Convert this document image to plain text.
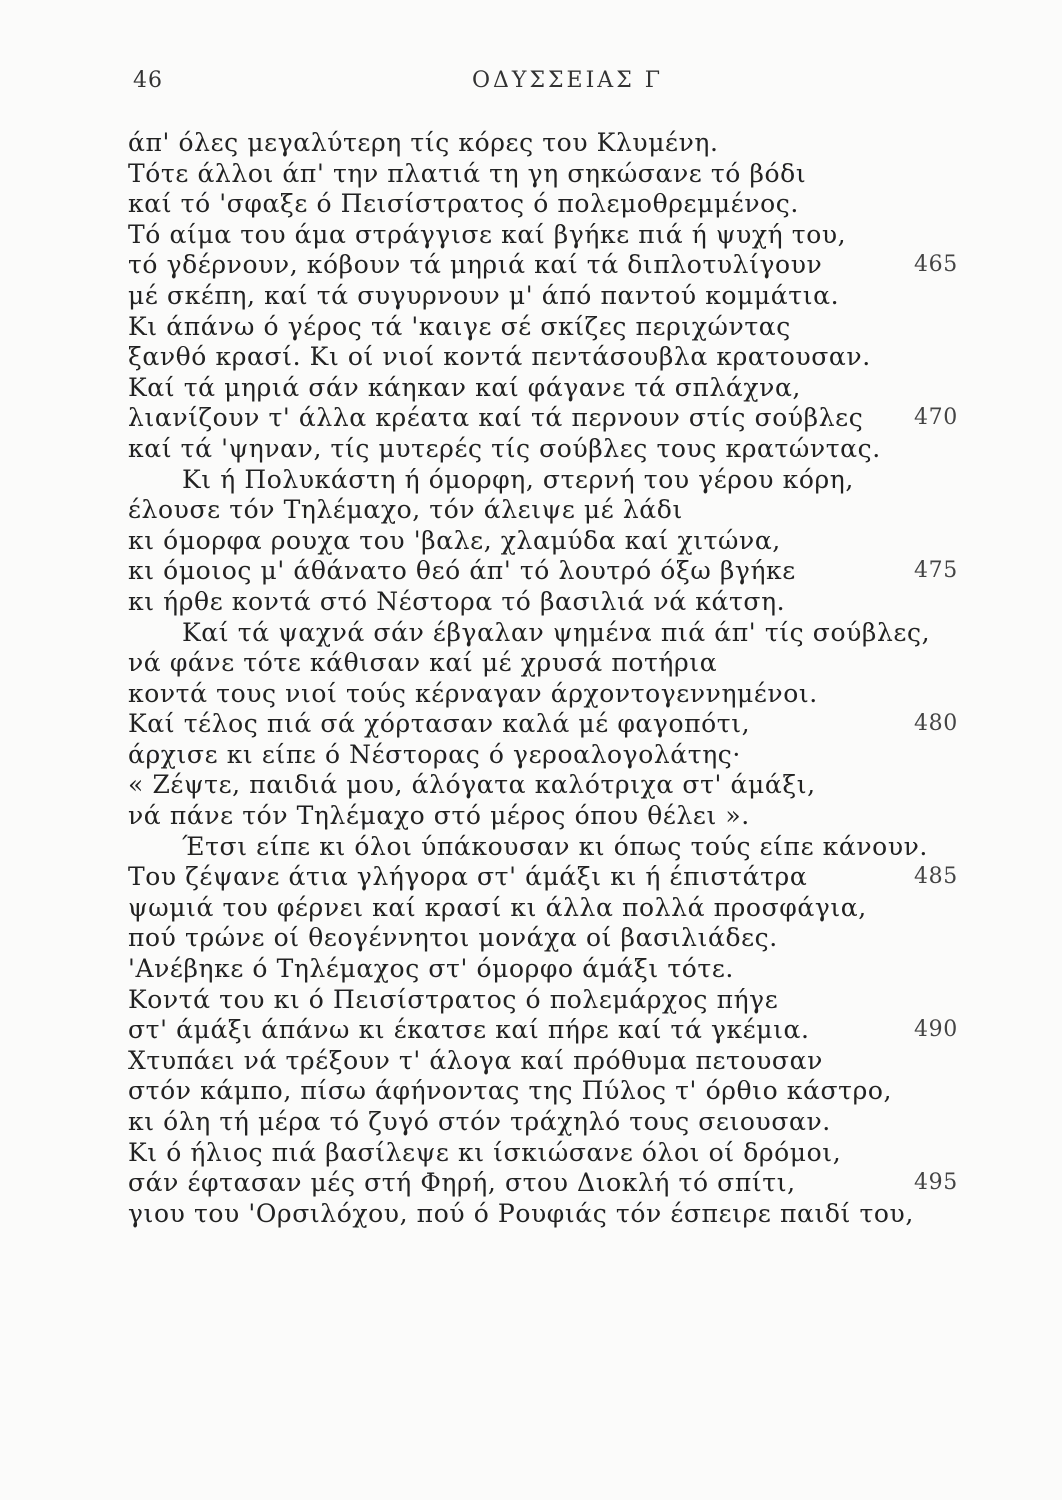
46	ΟΔΥΣΣΕΙΑΣ Γ
άπ' όλες μεγαλύτερη τίς κόρες του Κλυμένη.
Τότε άλλοι άπ' την πλατιά τη γη σηκώσανε τό βόδι
καί τό 'σφαξε ό Πεισίστρατος ό πολεμοθρεμμένος.
Τό αίμα του άμα στράγγισε καί βγήκε πιά ή ψυχή του,
τό γδέρνουν, κόβουν τά μηριά καί τά διπλοτυλίγουν	465
μέ σκέπη, καί τά συγυρνουν μ' άπό παντού κομμάτια.
Κι άπάνω ό γέρος τά 'καιγε σέ σκίζες περιχώντας
ξανθό κρασί. Κι οί νιοί κοντά πεντάσουβλα κρατουσαν.
Καί τά μηριά σάν κάηκαν καί φάγανε τά σπλάχνα,
λιανίζουν τ' άλλα κρέατα καί τά περνουν στίς σούβλες 470
καί τά 'ψηναν, τίς μυτερές τίς σούβλες τους κρατώντας.
Κι ή Πολυκάστη ή όμορφη, στερνή του γέρου κόρη,
έλουσε τόν Τηλέμαχο, τόν άλειψε μέ λάδι
κι όμορφα ρουχα του 'βαλε, χλαμύδα καί χιτώνα,
κι όμοιος μ' άθάνατο θεό άπ' τό λουτρό όξω βγήκε	475
κι ήρθε κοντά στό Νέστορα τό βασιλιά νά κάτση.
Καί τά ψαχνά σάν έβγαλαν ψημένα πιά άπ' τίς σούβλες,
νά φάνε τότε κάθισαν καί μέ χρυσά ποτήρια
κοντά τους νιοί τούς κέρναγαν άρχοντογεννημένοι.
Καί τέλος πιά σά χόρτασαν καλά μέ φαγοπότι,	480
άρχισε κι είπε ό Νέστορας ό γεροαλογολάτης·
« Ζέψτε, παιδιά μου, άλόγατα καλότριχα στ' άμάξι,
νά πάνε τόν Τηλέμαχο στό μέρος όπου θέλει ».
Έτσι είπε κι όλοι ύπάκουσαν κι όπως τούς είπε κάνουν.
Του ζέψανε άτια γλήγορα στ' άμάξι κι ή έπιστάτρα	485
ψωμιά του φέρνει καί κρασί κι άλλα πολλά προσφάγια,
πού τρώνε οί θεογέννητοι μονάχα οί βασιλιάδες.
'Ανέβηκε ό Τηλέμαχος στ' όμορφο άμάξι τότε.
Κοντά του κι ό Πεισίστρατος ό πολεμάρχος πήγε
στ' άμάξι άπάνω κι έκατσε καί πήρε καί τά γκέμια.	490
Χτυπάει νά τρέξουν τ' άλογα καί πρόθυμα πετουσαν
στόν κάμπο, πίσω άφήνοντας της Πύλος τ' όρθιο κάστρο,
κι όλη τή μέρα τό ζυγό στόν τράχηλό τους σειουσαν.
Κι ό ήλιος πιά βασίλεψε κι ίσκιώσανε όλοι οί δρόμοι,
σάν έφτασαν μές στή Φηρή, στου Διοκλή τό σπίτι,	495
γιου του 'Ορσιλόχου, πού ό Ρουφιάς τόν έσπειρε παιδί του,
